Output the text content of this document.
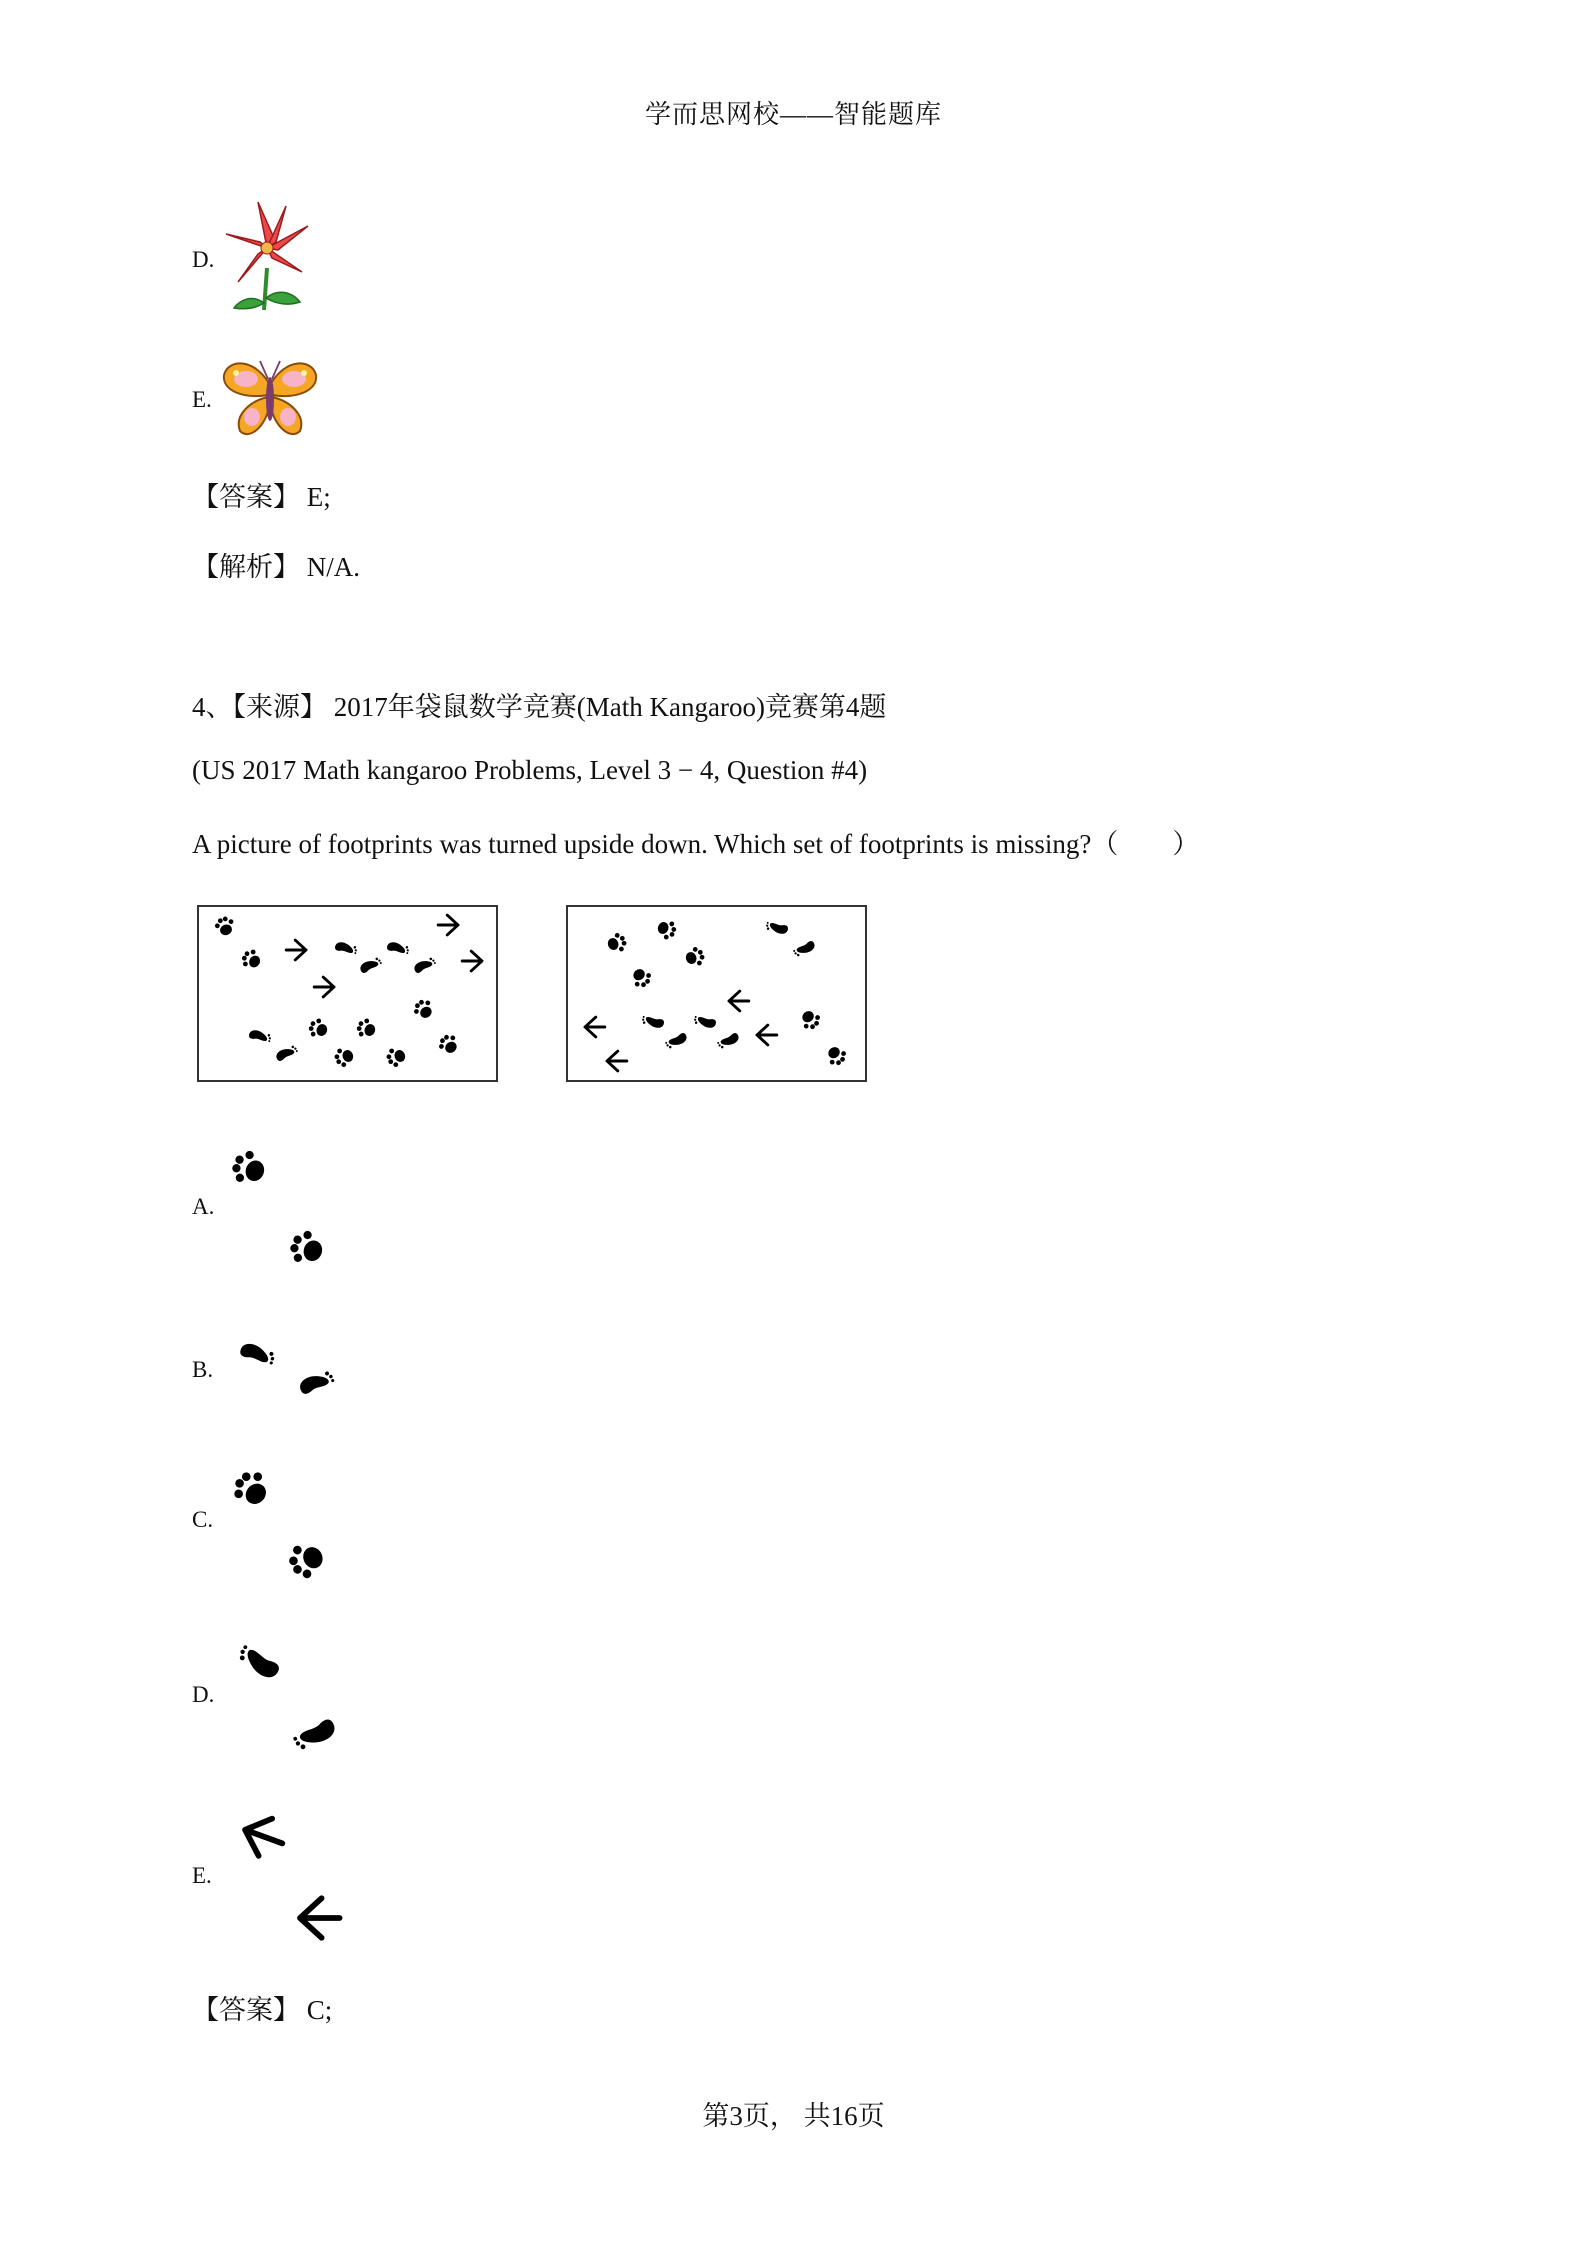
学而思网校——智能题库
D.
E.
【答案】 E;
【解析】 N/A.
4、【来源】 2017年袋鼠数学竞赛(Math Kangaroo)竞赛第4题
(US 2017 Math kangaroo Problems, Level 3 − 4, Question #4)
A picture of footprints was turned upside down. Which set of footprints is missing?（　　）
A.
B.
C.
D.
E.
【答案】 C;
第3页， 共16页
